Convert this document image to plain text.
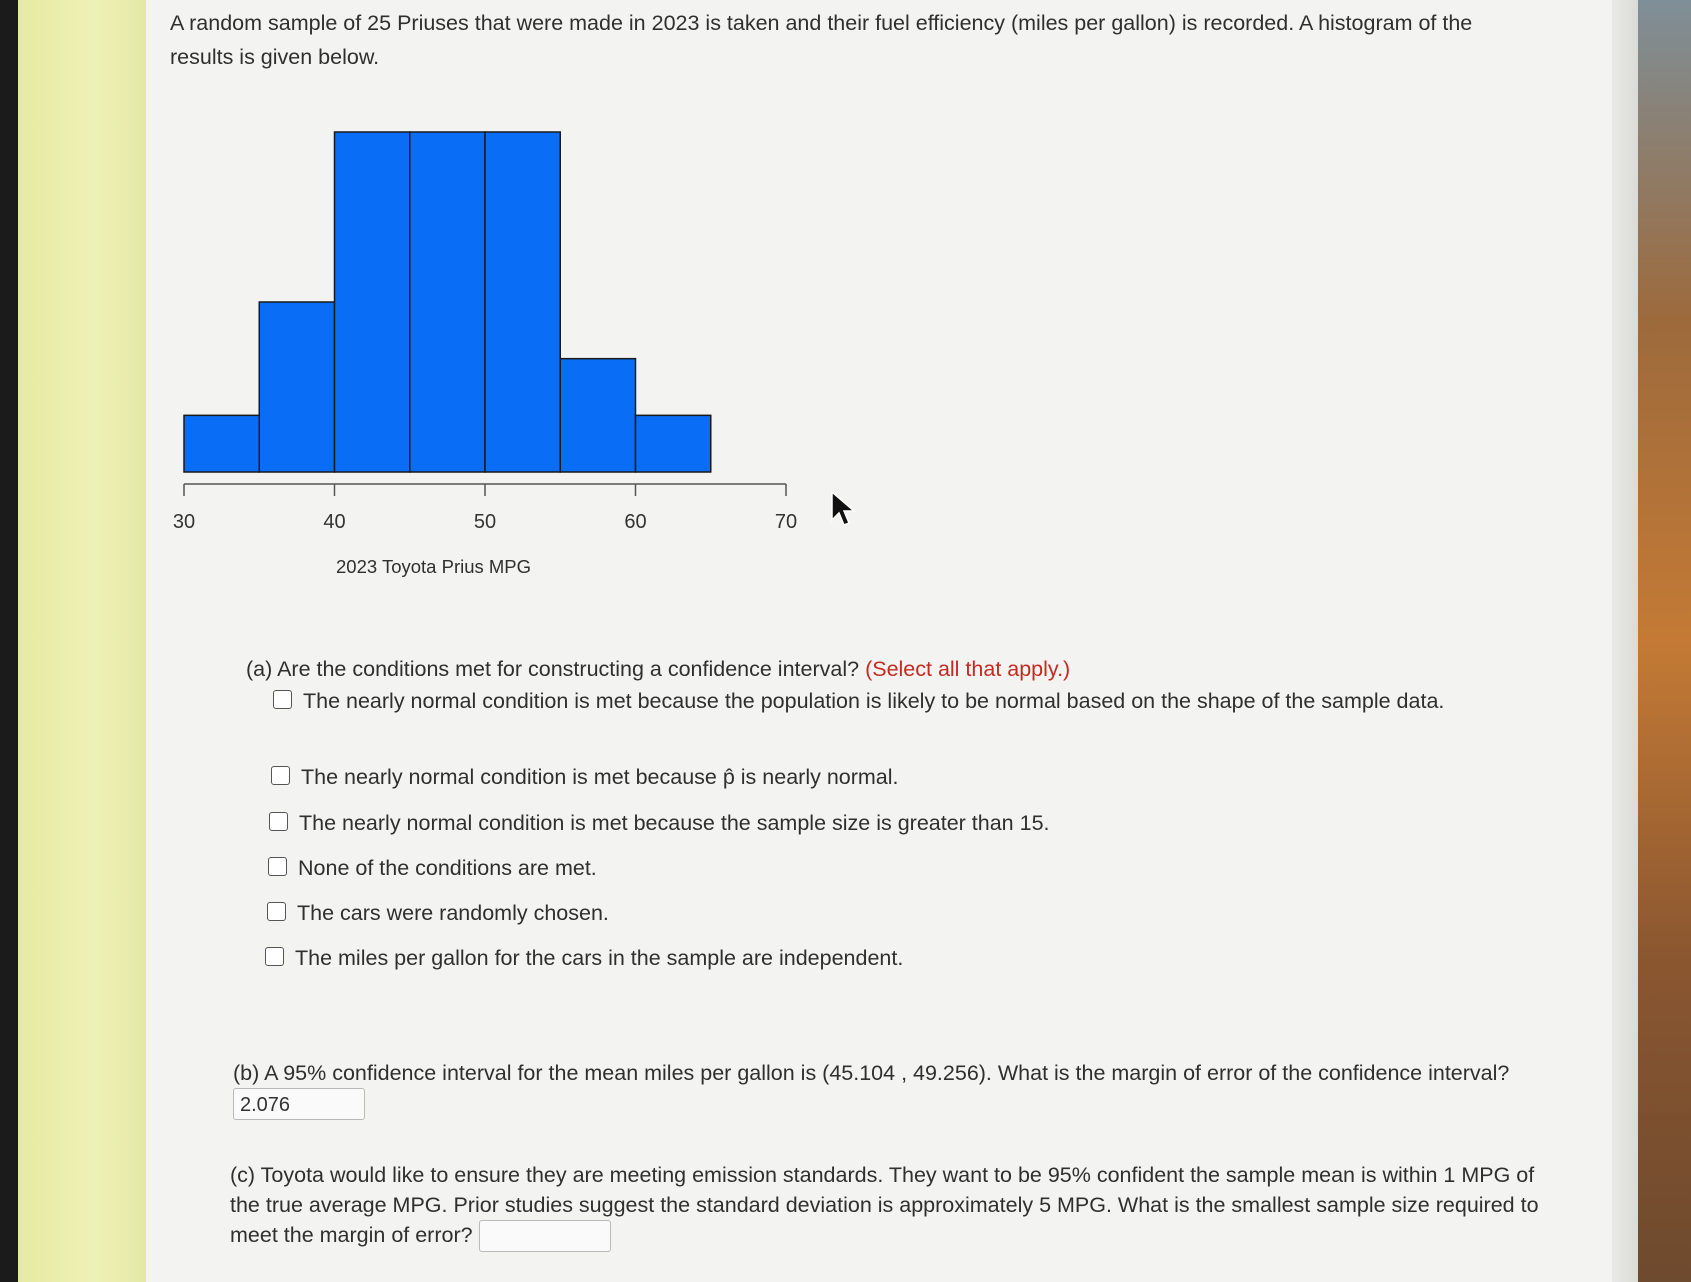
A random sample of 25 Priuses that were made in 2023 is taken and their fuel efficiency (miles per gallon) is recorded. A histogram of the results is given below.
30	40	50	60	70
2023 Toyota Prius MPG
(a) Are the conditions met for constructing a confidence interval? (Select all that apply.)
The nearly normal condition is met because the population is likely to be normal based on the shape of the sample data.
The nearly normal condition is met because p̂ is nearly normal.
The nearly normal condition is met because the sample size is greater than 15.
None of the conditions are met.
The cars were randomly chosen.
The miles per gallon for the cars in the sample are independent.
(b) A 95% confidence interval for the mean miles per gallon is (45.104 , 49.256). What is the margin of error of the confidence interval? 2.076
(c) Toyota would like to ensure they are meeting emission standards. They want to be 95% confident the sample mean is within 1 MPG of the true average MPG. Prior studies suggest the standard deviation is approximately 5 MPG. What is the smallest sample size required to meet the margin of error?
